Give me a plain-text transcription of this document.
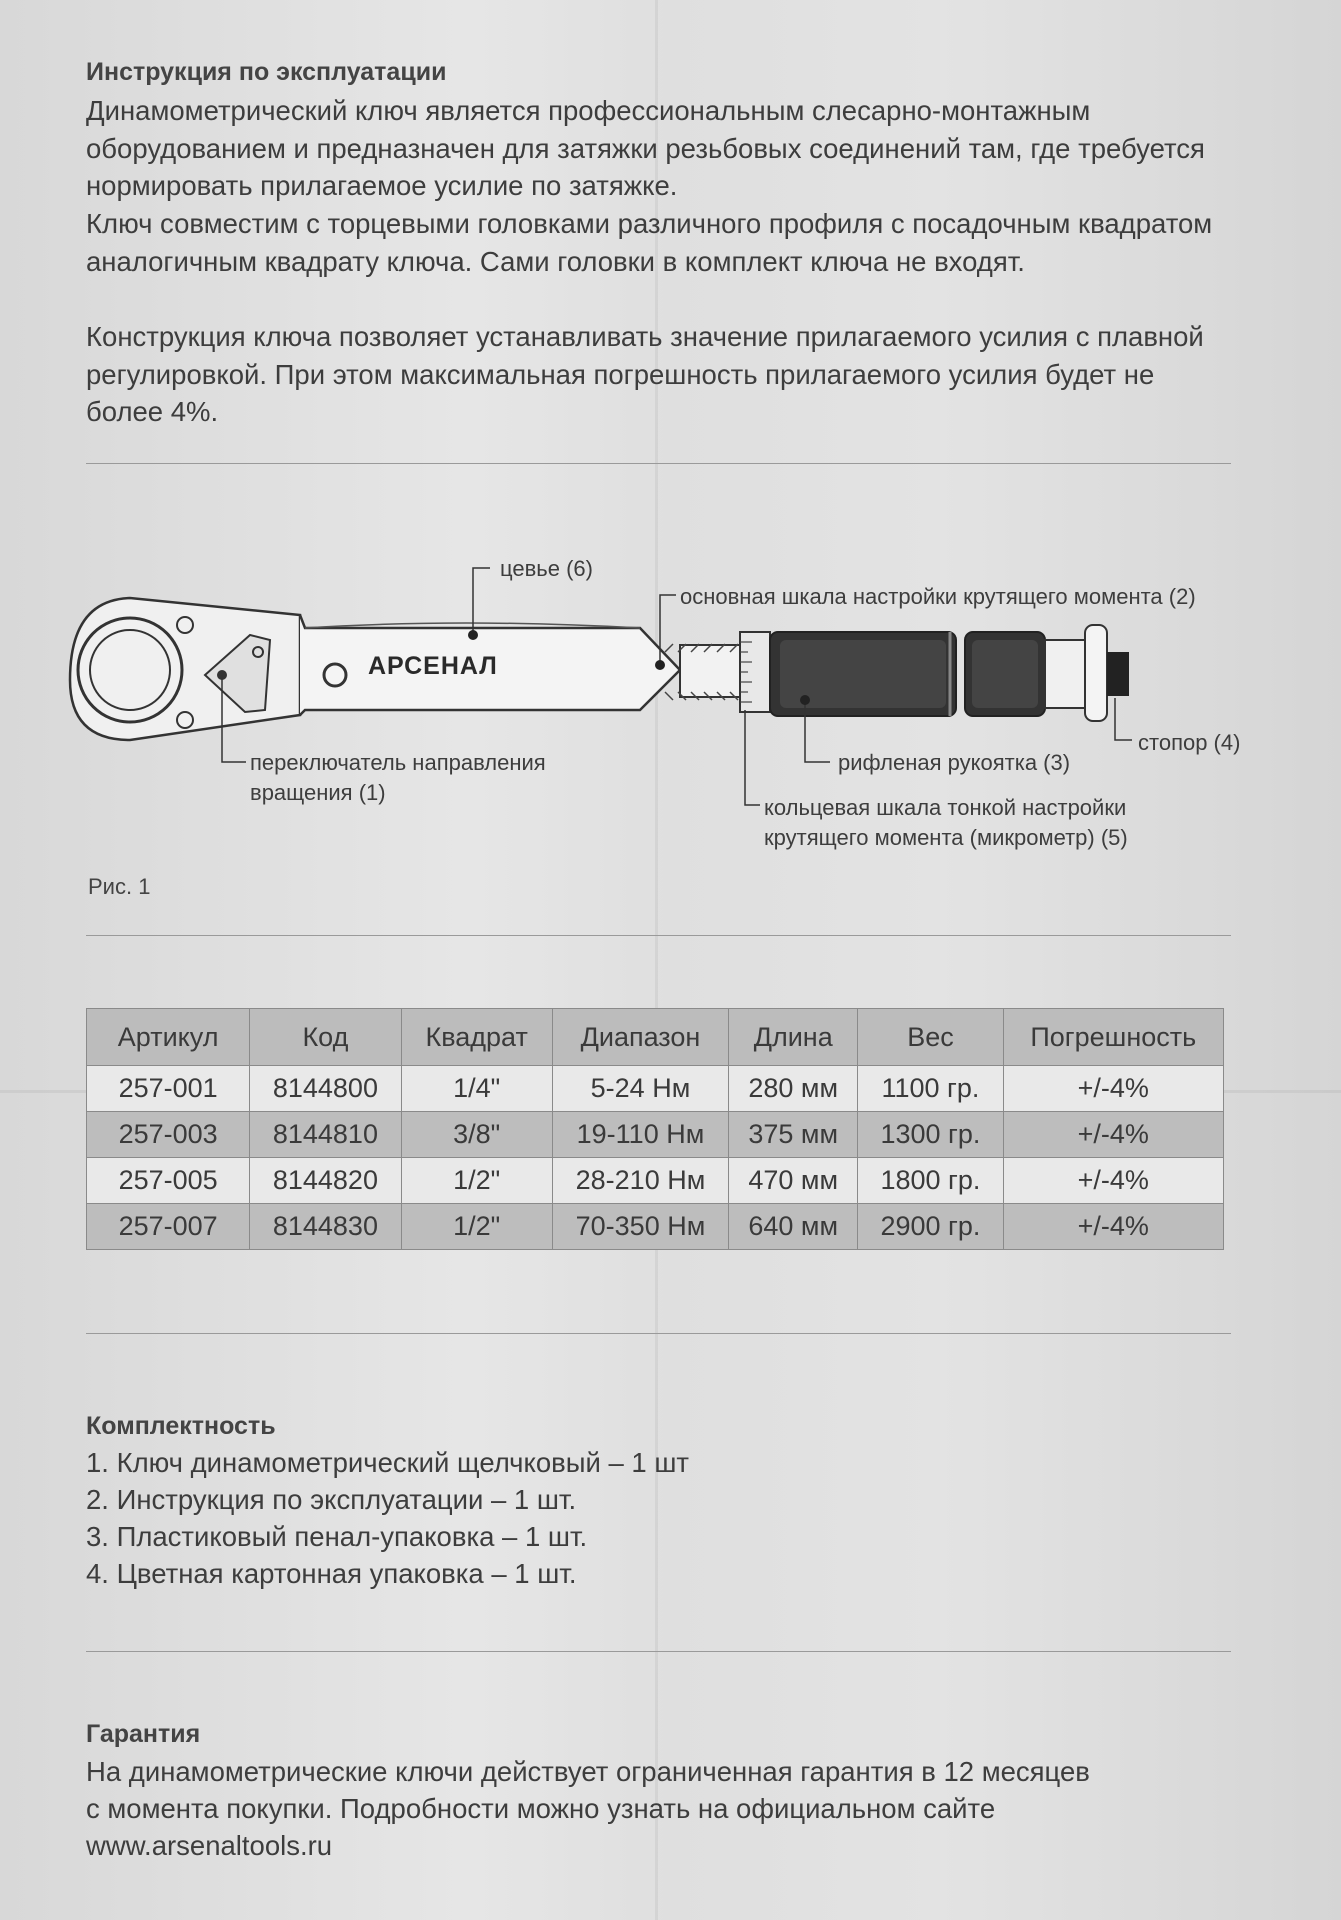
Инструкция по эксплуатации

Динамометрический ключ является профессиональным слесарно-монтажным оборудованием и предназначен для затяжки резьбовых соединений там, где требуется нормировать прилагаемое усилие по затяжке.

Ключ совместим с торцевыми головками различного профиля с посадочным квадратом аналогичным квадрату ключа. Сами головки в комплект ключа не входят.

Конструкция ключа позволяет устанавливать значение прилагаемого усилия с плавной регулировкой. При этом максимальная погрешность прилагаемого усилия будет не более 4%.

АРСЕНАЛ
цевье (6)
основная шкала настройки крутящего момента (2)
переключатель направления
вращения (1)
рифленая рукоятка (3)
стопор (4)
кольцевая шкала тонкой настройки
крутящего момента (микрометр) (5)
Рис. 1
Артикул	Код	Квадрат	Диапазон	Длина	Вес	Погрешность
257-001	8144800	1/4"	5-24 Нм	280 мм	1100 гр.	+/-4%
257-003	8144810	3/8"	19-110 Нм	375 мм	1300 гр.	+/-4%
257-005	8144820	1/2"	28-210 Нм	470 мм	1800 гр.	+/-4%
257-007	8144830	1/2"	70-350 Нм	640 мм	2900 гр.	+/-4%
Комплектность
1. Ключ динамометрический щелчковый – 1 шт
2. Инструкция по эксплуатации – 1 шт.
3. Пластиковый пенал-упаковка – 1 шт.
4. Цветная картонная упаковка – 1 шт.
Гарантия
На динамометрические ключи действует ограниченная гарантия в 12 месяцев
с момента покупки. Подробности можно узнать на официальном сайте
www.arsenaltools.ru
